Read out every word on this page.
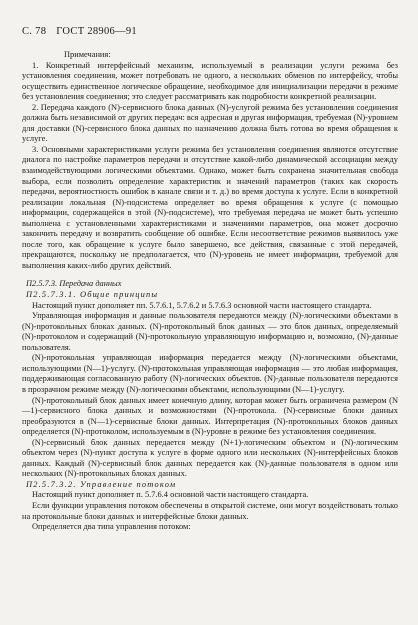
С. 78 ГОСТ 28906—91

Примечания:

1. Конкретный интерфейсный механизм, используемый в реализации услуги режима без установления соединения, может потребовать не одного, а нескольких обменов по интерфейсу, чтобы осуществить единственное логическое обращение, необходимое для инициализации передачи в режиме без установления соединения; это следует рассматривать как подробности конкретной реализации.

2. Передача каждого (N)-сервисного блока данных (N)-услугой режима без установления соединения должна быть независимой от других передач: вся адресная и другая информация, требуемая (N)-уровнем для доставки (N)-сервисного блока данных по назначению должна быть готова во время обращения к услуге.

3. Основными характеристиками услуги режима без установления соединения являются отсутствие диалога по настройке параметров передачи и отсутствие какой-либо динамической ассоциации между взаимодействующими логическими объектами. Однако, может быть сохранена значительная свобода выбора, если позволить определение характеристик и значений параметров (таких как скорость передачи, вероятностность ошибок в канале связи и т. д.) во время доступа к услуге. Если в конкретной реализации локальная (N)-подсистема определяет во время обращения к услуге (с помощью информации, содержащейся в этой (N)-подсистеме), что требуемая передача не может быть успешно выполнена с установленными характеристиками и значениями параметров, она может досрочно закончить передачу и возвратить сообщение об ошибке. Если несоответствие режимов выявилось уже после того, как обращение к услуге было завершено, все действия, связанные с этой передачей, прекращаются, поскольку не предполагается, что (N)-уровень не имеет информации, требуемой для выполнения каких-либо других действий.

П2.5.7.3. Передача данных

П2.5.7.3.1. Общие принципы

Настоящий пункт дополняет пп. 5.7.6.1, 5.7.6.2 и 5.7.6.3 основной части настоящего стандарта.

Управляющая информация и данные пользователя передаются между (N)-логическими объектами в (N)-протокольных блоках данных. (N)-протокольный блок данных — это блок данных, определяемый (N)-протоколом и содержащий (N)-протокольную управляющую информацию и, возможно, (N)-данные пользователя.

(N)-протокольная управляющая информация передается между (N)-логическими объектами, использующими (N—1)-услугу. (N)-протокольная управляющая информация — это любая информация, поддерживающая согласованную работу (N)-логических объектов. (N)-данные пользователя передаются в прозрачном режиме между (N)-логическими объектами, использующими (N—1)-услугу.

(N)-протокольный блок данных имеет конечную длину, которая может быть ограничена размером (N—1)-сервисного блока данных и возможностями (N)-протокола. (N)-сервисные блоки данных преобразуются в (N—1)-сервисные блоки данных. Интерпретация (N)-протокольных блоков данных определяется (N)-протоколом, используемым в (N)-уровне в режиме без установления соединения.

(N)-сервисный блок данных передается между (N+1)-логическим объектом и (N)-логическим объектом через (N)-пункт доступа к услуге в форме одного или нескольких (N)-интерфейсных блоков данных. Каждый (N)-сервисный блок данных передается как (N)-данные пользователя в одном или нескольких (N)-протокольных блоках данных.

П2.5.7.3.2. Управление потоком

Настоящий пункт дополняет п. 5.7.6.4 основной части настоящего стандарта.

Если функции управления потоком обеспечены в открытой системе, они могут воздействовать только на протокольные блоки данных и интерфейсные блоки данных.

Определяется два типа управления потоком:
